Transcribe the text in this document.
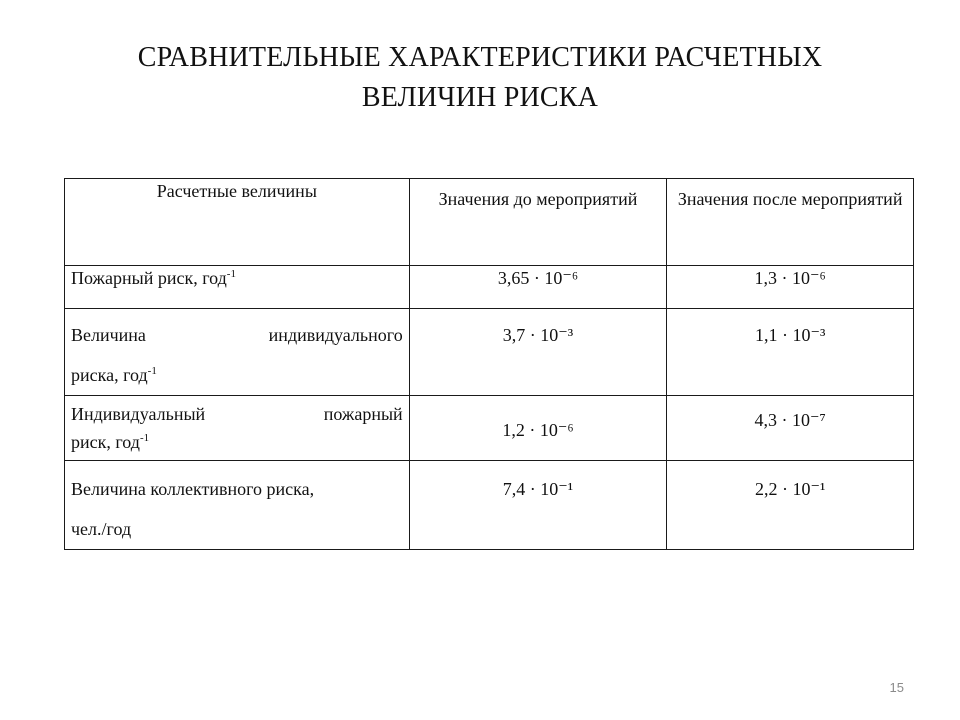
СРАВНИТЕЛЬНЫЕ ХАРАКТЕРИСТИКИ РАСЧЕТНЫХ
ВЕЛИЧИН РИСКА
Расчетные величины	Значения до мероприятий	Значения после мероприятий
Пожарный риск, год$^{-1}$	3,65 · 10⁻⁶	1,3 · 10⁻⁶

Величина индивидуального
риска, год$^{-1}$	3,7 · 10⁻³	1,1 · 10⁻³

Индивидуальный пожарный
риск, год$^{-1}$	1,2 · 10⁻⁶	4,3 · 10⁻⁷

Величина коллективного риска,
чел./год	7,4 · 10⁻¹	2,2 · 10⁻¹
15
